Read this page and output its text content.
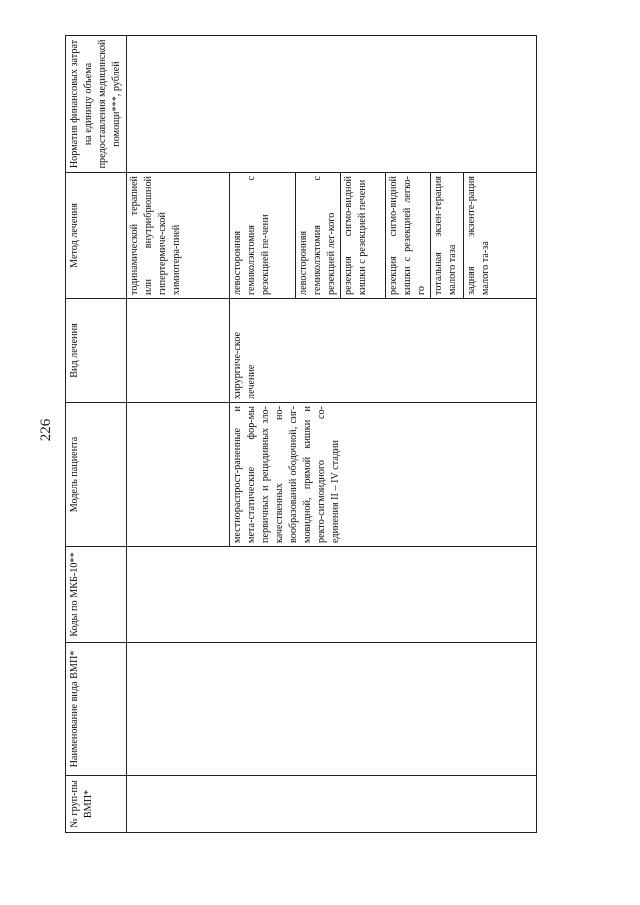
226
№ груп-пы ВМП*	Наименование вида ВМП*	Коды по МКБ-10**	Модель пациента	Вид лечения	Метод лечения	Норматив финансовых затрат на единицу объема предоставления медицинской помощи***, рублей
					тодинамической терапией или внутрибрюшной гипертермиче-ской химиотера-пией	
			местнораспрост-раненные и мета-статические фор-мы первичных и рецидивных зло-качественных но-вообразований ободочной, сиг-мовидной, прямой кишки и ректо-сигмоидного со-единения II – IV стадии	хирургиче-ское лечение	левосторонняя гемиколэктомия с резекцией пе-чени	
					левосторонняя гемиколэктомия с резекцией лег-кого	
					резекция сигмо-видной кишки с резекцией печени	
					резекция сигмо-видной кишки с резекцией легко-го	
					тотальная экзен-терация малого таза	
					задняя экзенте-рация малого та-за	
